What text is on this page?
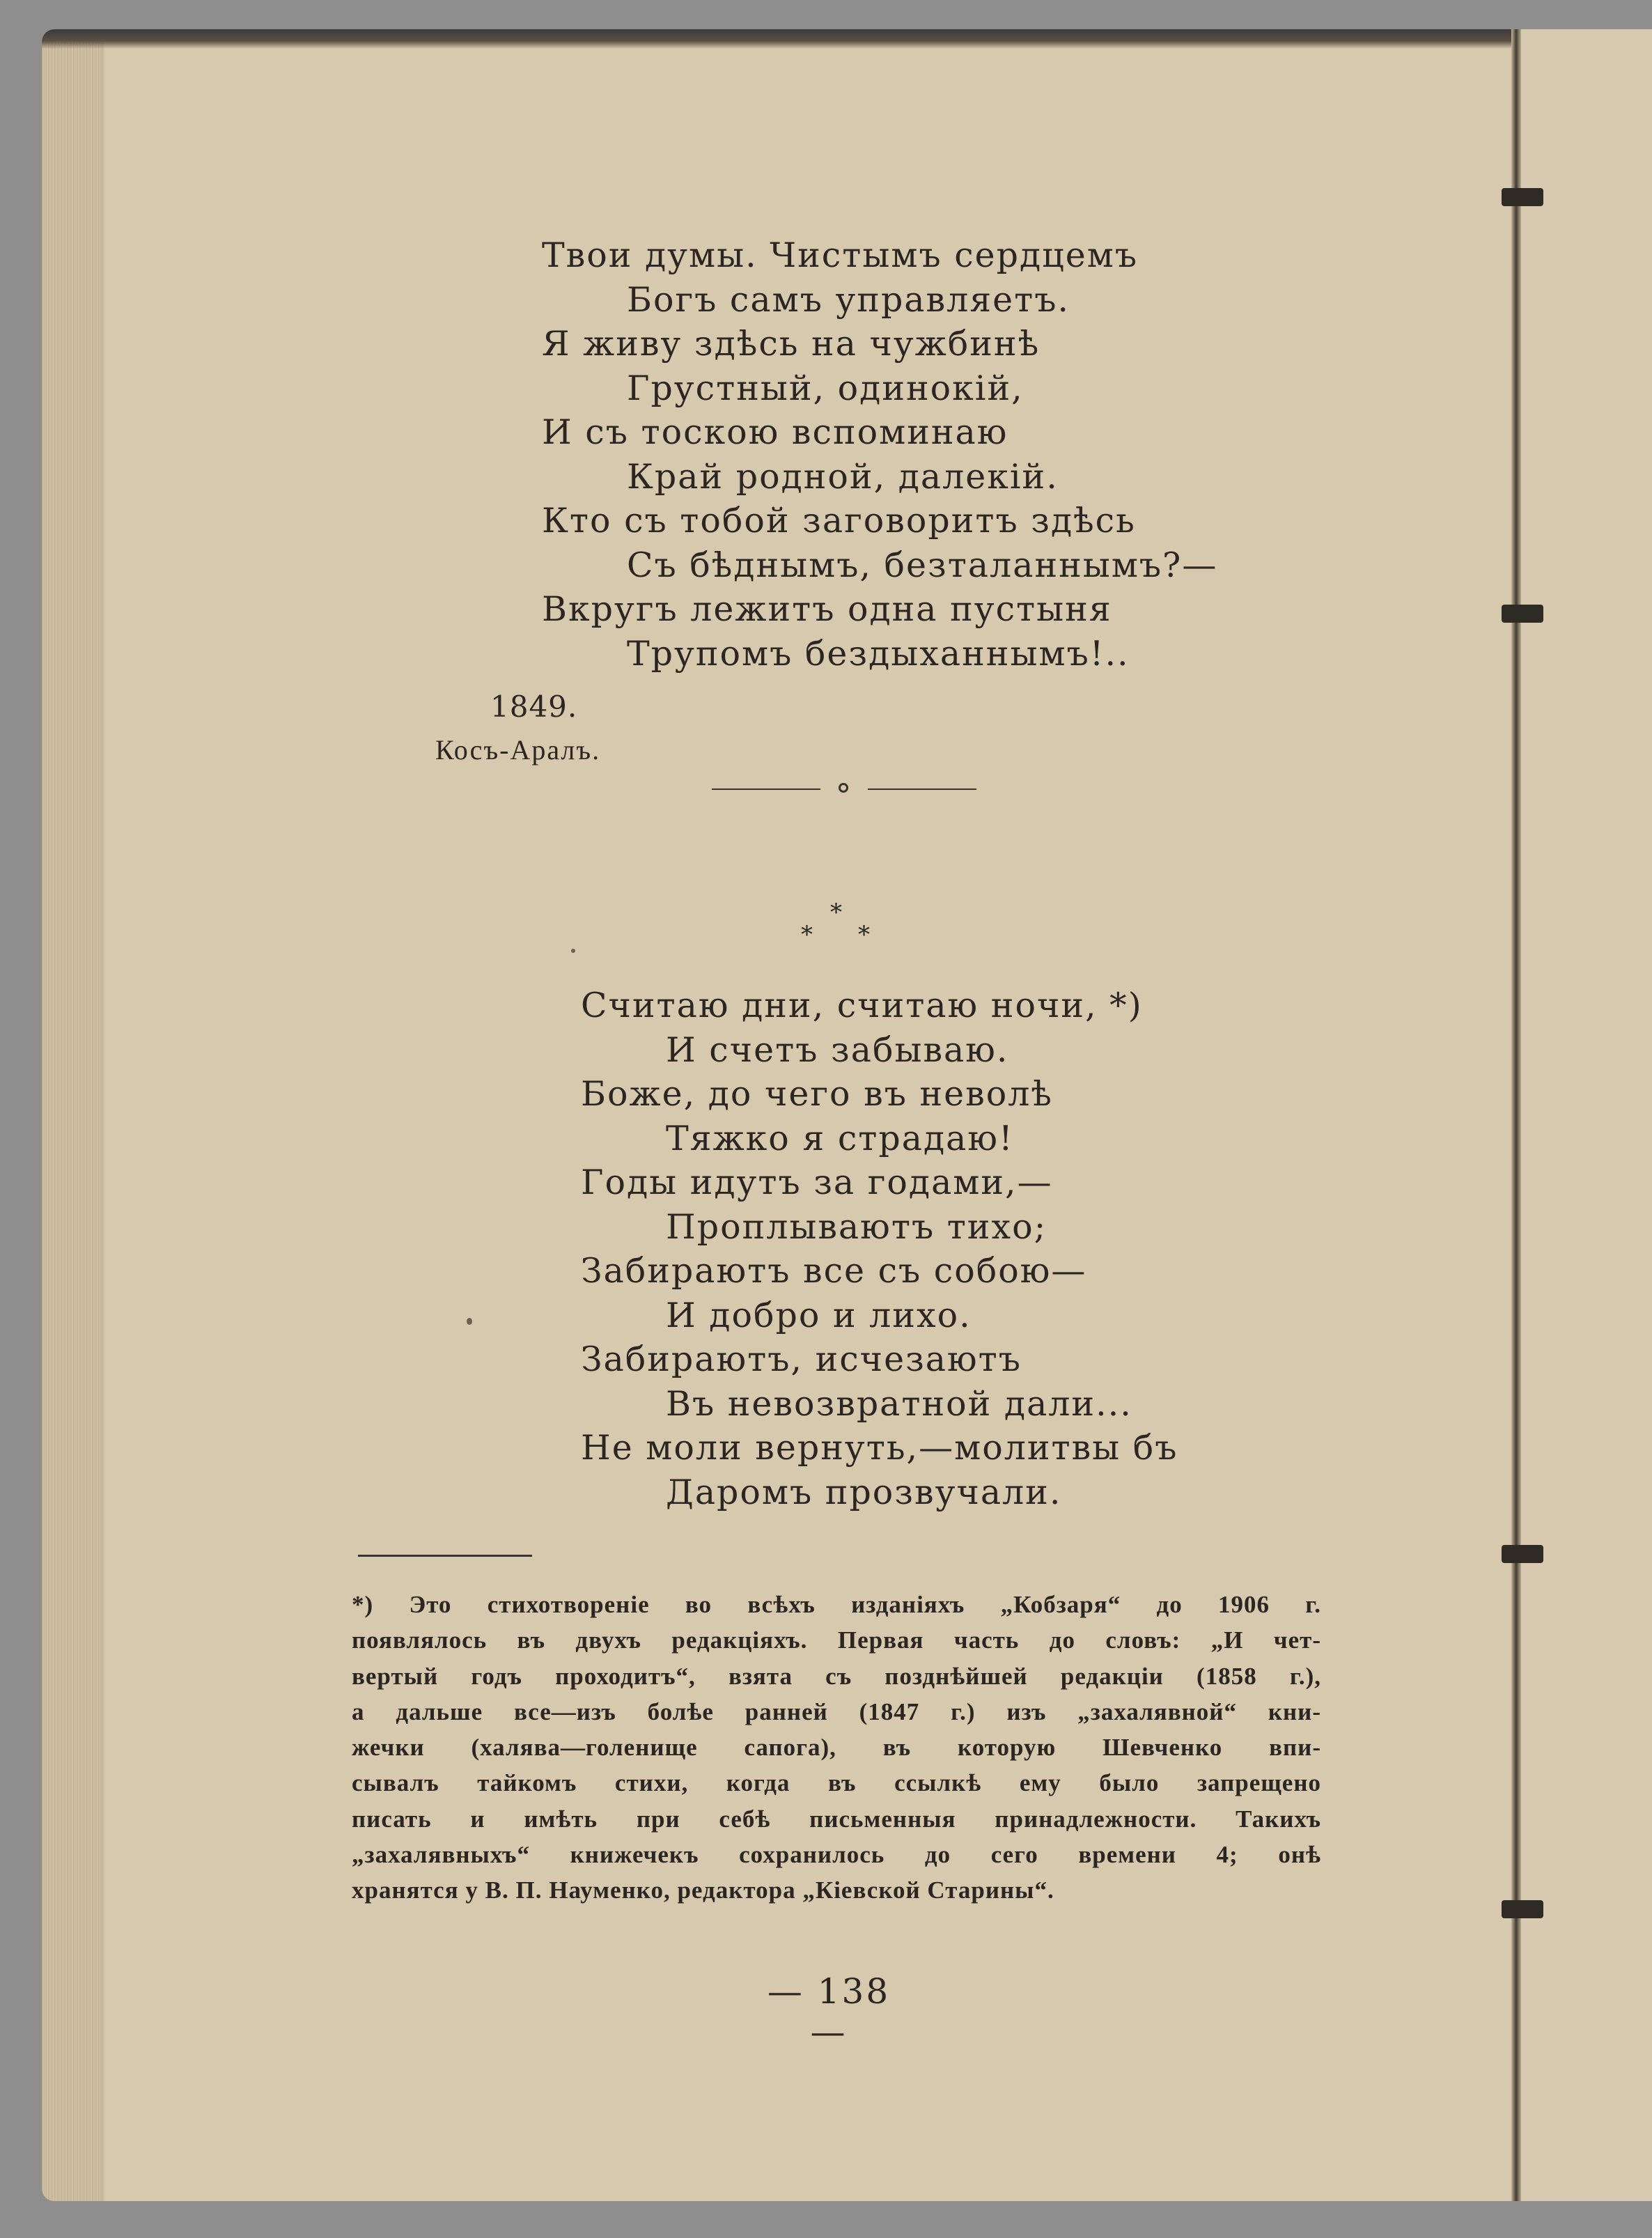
Твои думы. Чистымъ сердцемъ
Богъ самъ управляетъ.
Я живу здѣсь на чужбинѣ
Грустный, одинокій,
И съ тоскою вспоминаю
Край родной, далекій.
Кто съ тобой заговоритъ здѣсь
Съ бѣднымъ, безталаннымъ?—
Вкругъ лежитъ одна пустыня
Трупомъ бездыханнымъ!..
1849.
Косъ-Аралъ.
*
* *
Считаю дни, считаю ночи, *)
И счетъ забываю.
Боже, до чего въ неволѣ
Тяжко я страдаю!
Годы идутъ за годами,—
Проплываютъ тихо;
Забираютъ все съ собою—
И добро и лихо.
Забираютъ, исчезаютъ
Въ невозвратной дали...
Не моли вернуть,—молитвы бъ
Даромъ прозвучали.
*) Это стихотвореніе во всѣхъ изданіяхъ „Кобзаря“ до 1906 г.
появлялось въ двухъ редакціяхъ. Первая часть до словъ: „И чет-
вертый годъ проходитъ“, взята съ позднѣйшей редакціи (1858 г.),
а дальше все—изъ болѣе ранней (1847 г.) изъ „захалявной“ кни-
жечки (халява—голенище сапога), въ которую Шевченко впи-
сывалъ тайкомъ стихи, когда въ ссылкѣ ему было запрещено
писать и имѣть при себѣ письменныя принадлежности. Такихъ
„захалявныхъ“ книжечекъ сохранилось до сего времени 4; онѣ
хранятся у В. П. Науменко, редактора „Кіевской Старины“.
— 138 —
